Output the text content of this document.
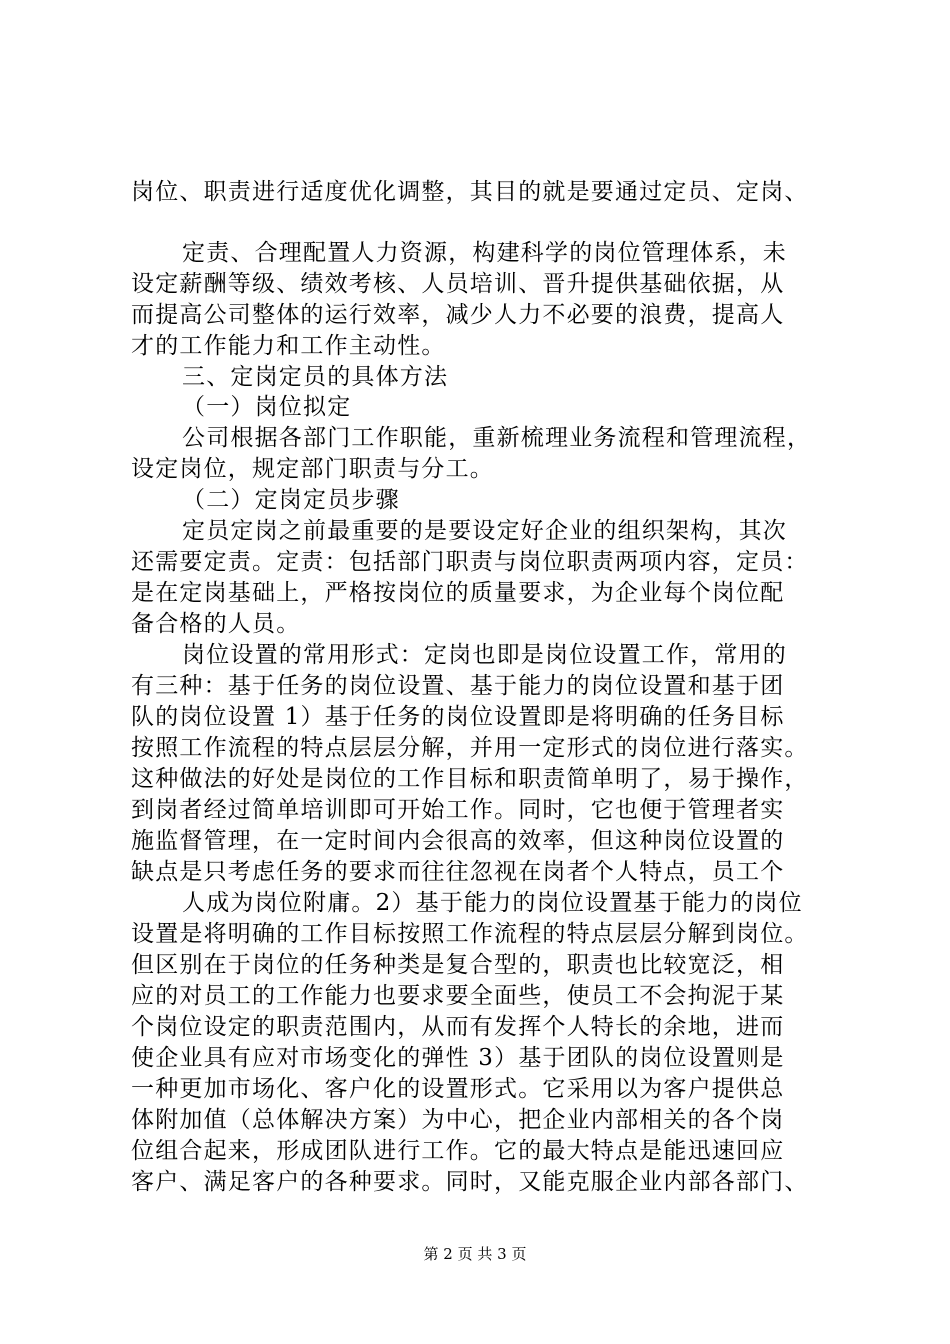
岗位、职责进行适度优化调整，其目的就是要通过定员、定岗、
定责、合理配置人力资源，构建科学的岗位管理体系，未
设定薪酬等级、绩效考核、人员培训、晋升提供基础依据，从
而提高公司整体的运行效率，减少人力不必要的浪费，提高人
才的工作能力和工作主动性。
三、定岗定员的具体方法
（一）岗位拟定
公司根据各部门工作职能，重新梳理业务流程和管理流程，
设定岗位，规定部门职责与分工。
（二）定岗定员步骤
定员定岗之前最重要的是要设定好企业的组织架构，其次
还需要定责。定责：包括部门职责与岗位职责两项内容，定员：
是在定岗基础上，严格按岗位的质量要求，为企业每个岗位配
备合格的人员。
岗位设置的常用形式：定岗也即是岗位设置工作，常用的
有三种：基于任务的岗位设置、基于能力的岗位设置和基于团
队的岗位设置 1）基于任务的岗位设置即是将明确的任务目标
按照工作流程的特点层层分解，并用一定形式的岗位进行落实。
这种做法的好处是岗位的工作目标和职责简单明了，易于操作，
到岗者经过简单培训即可开始工作。同时，它也便于管理者实
施监督管理，在一定时间内会很高的效率，但这种岗位设置的
缺点是只考虑任务的要求而往往忽视在岗者个人特点，员工个
人成为岗位附庸。2）基于能力的岗位设置基于能力的岗位
设置是将明确的工作目标按照工作流程的特点层层分解到岗位。
但区别在于岗位的任务种类是复合型的，职责也比较宽泛，相
应的对员工的工作能力也要求要全面些，使员工不会拘泥于某
个岗位设定的职责范围内，从而有发挥个人特长的余地，进而
使企业具有应对市场变化的弹性 3）基于团队的岗位设置则是
一种更加市场化、客户化的设置形式。它采用以为客户提供总
体附加值（总体解决方案）为中心，把企业内部相关的各个岗
位组合起来，形成团队进行工作。它的最大特点是能迅速回应
客户、满足客户的各种要求。同时，又能克服企业内部各部门、
第 2 页 共 3 页
